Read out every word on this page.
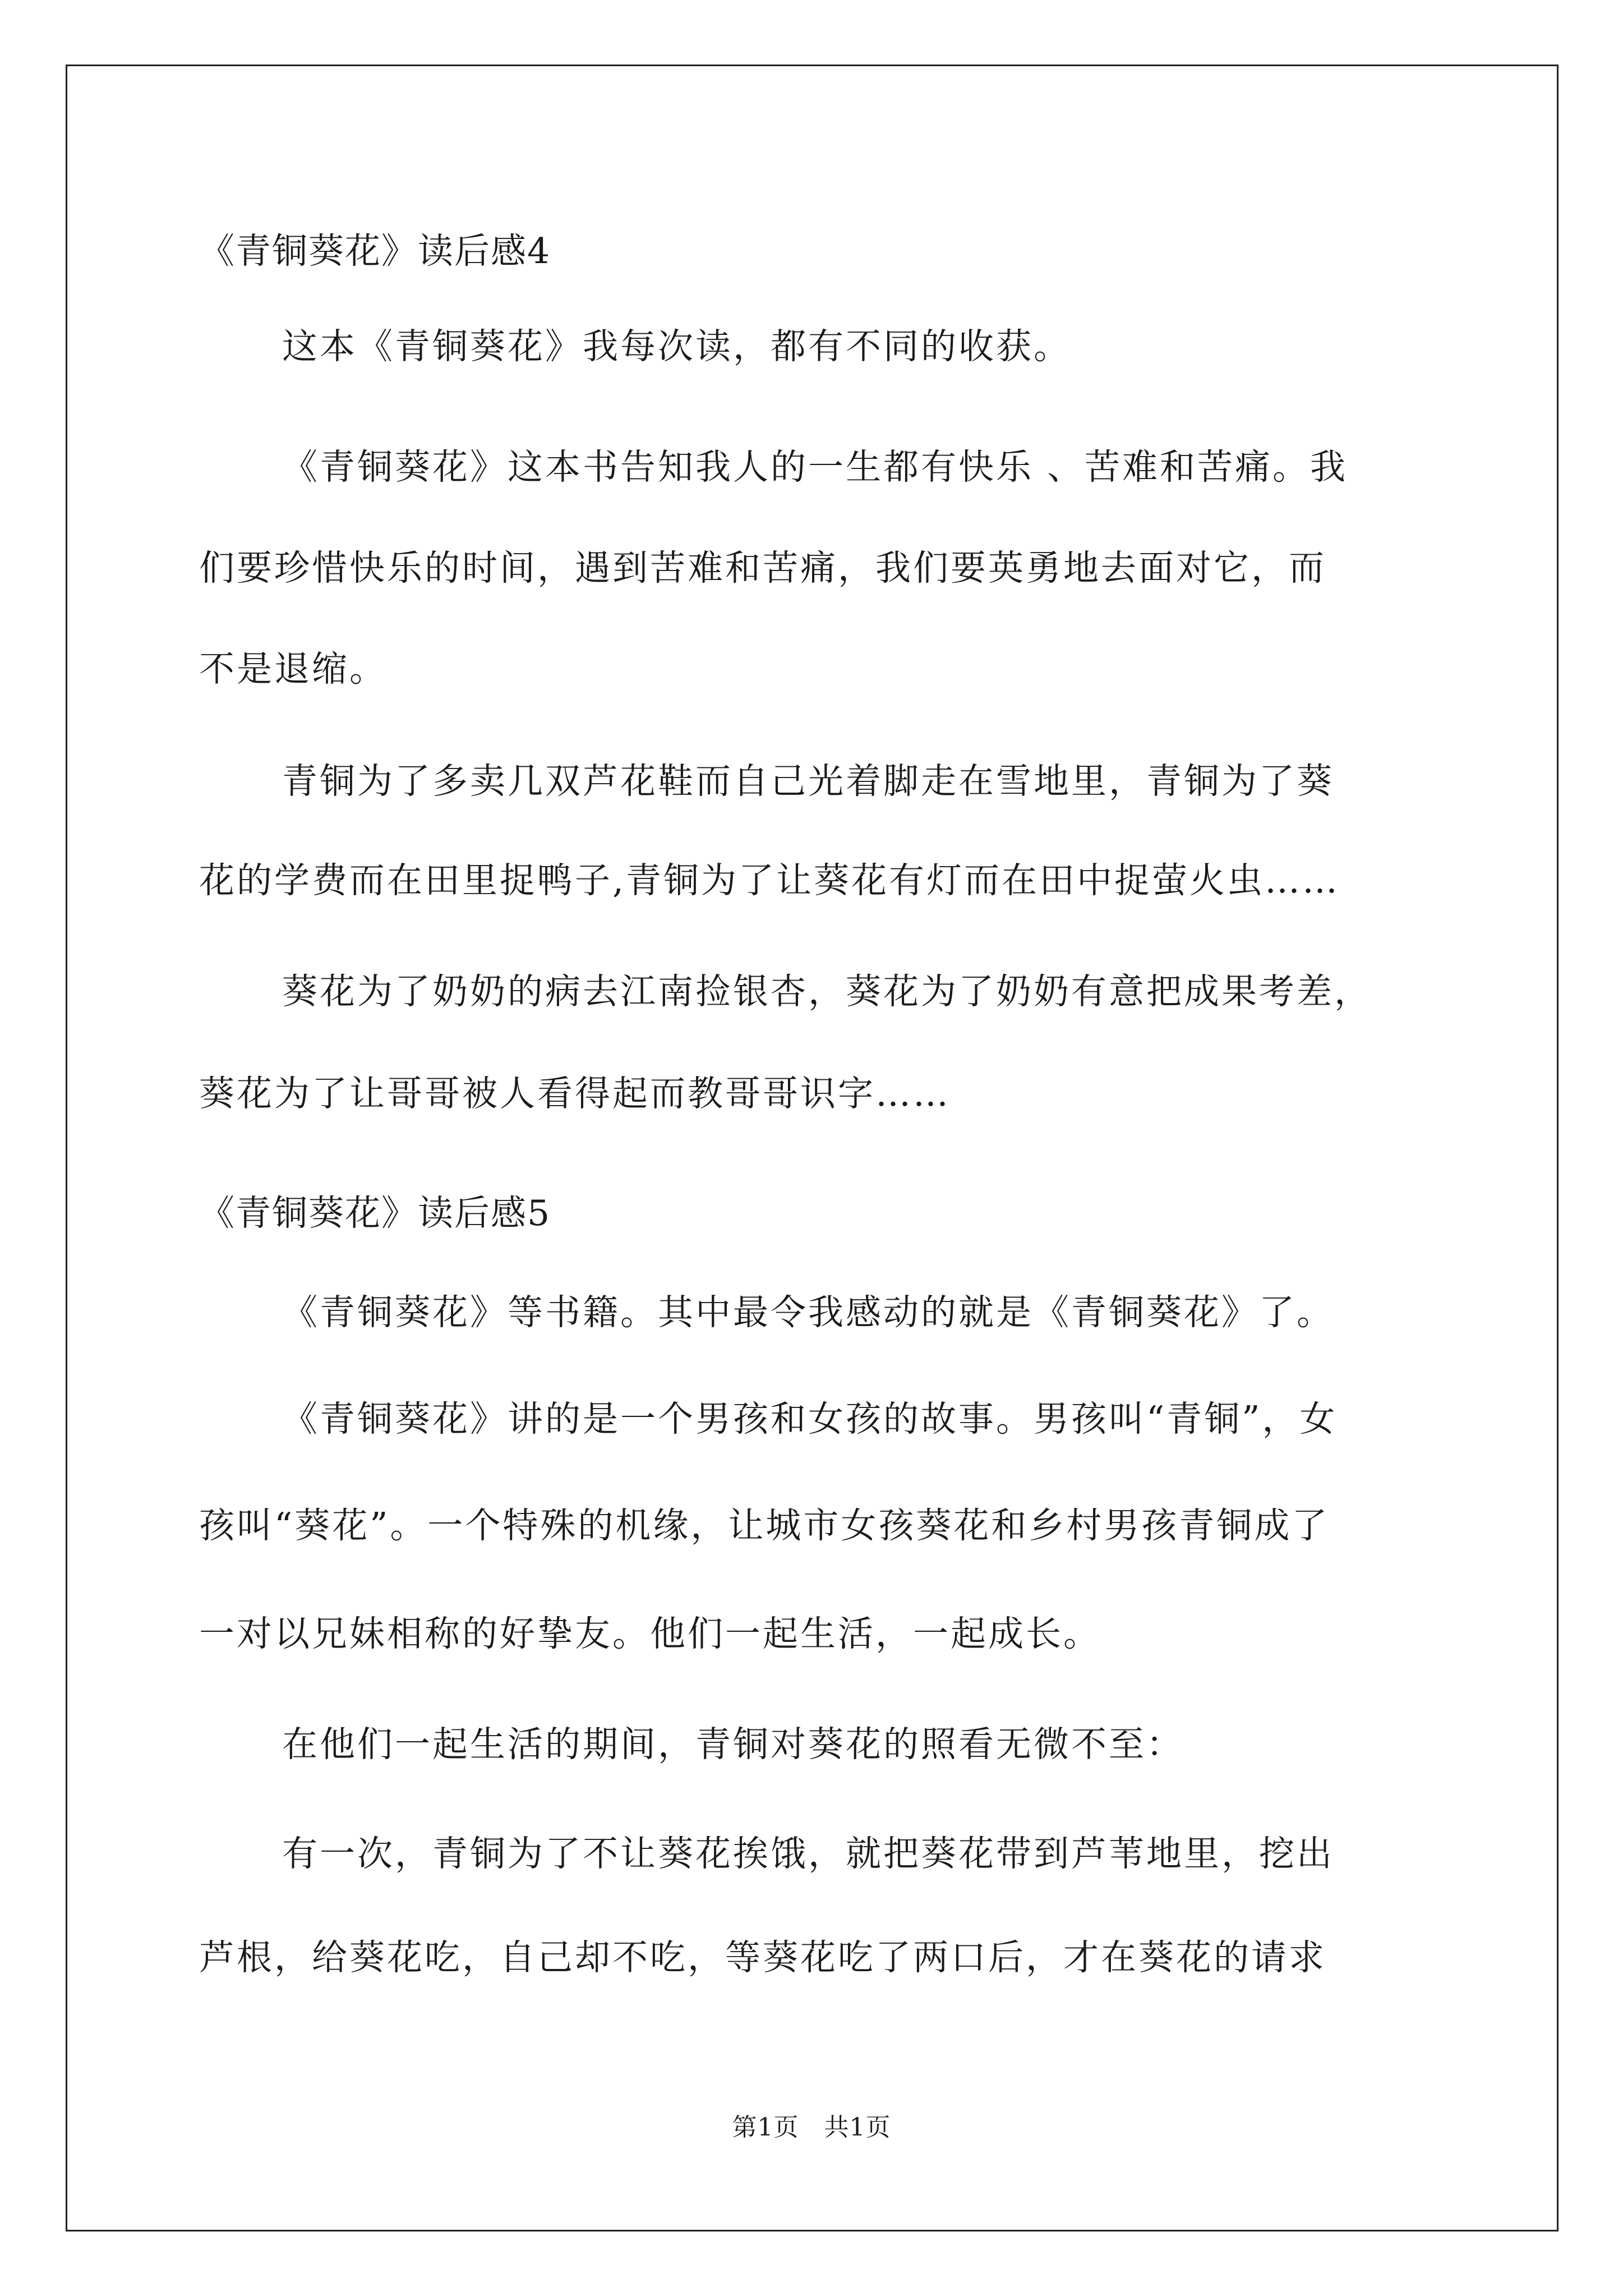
《青铜葵花》读后感4
这本《青铜葵花》我每次读，都有不同的收获。
《青铜葵花》这本书告知我人的一生都有快乐 、苦难和苦痛。我
们要珍惜快乐的时间，遇到苦难和苦痛，我们要英勇地去面对它，而
不是退缩。
青铜为了多卖几双芦花鞋而自己光着脚走在雪地里，青铜为了葵
花的学费而在田里捉鸭子,青铜为了让葵花有灯而在田中捉萤火虫……
葵花为了奶奶的病去江南捡银杏，葵花为了奶奶有意把成果考差，
葵花为了让哥哥被人看得起而教哥哥识字……
《青铜葵花》读后感5
《青铜葵花》等书籍。其中最令我感动的就是《青铜葵花》了。
《青铜葵花》讲的是一个男孩和女孩的故事。男孩叫“青铜”，女
孩叫“葵花”。一个特殊的机缘，让城市女孩葵花和乡村男孩青铜成了
一对以兄妹相称的好挚友。他们一起生活，一起成长。
在他们一起生活的期间，青铜对葵花的照看无微不至：
有一次，青铜为了不让葵花挨饿，就把葵花带到芦苇地里，挖出
芦根，给葵花吃，自己却不吃，等葵花吃了两口后，才在葵花的请求
第1页　共1页
